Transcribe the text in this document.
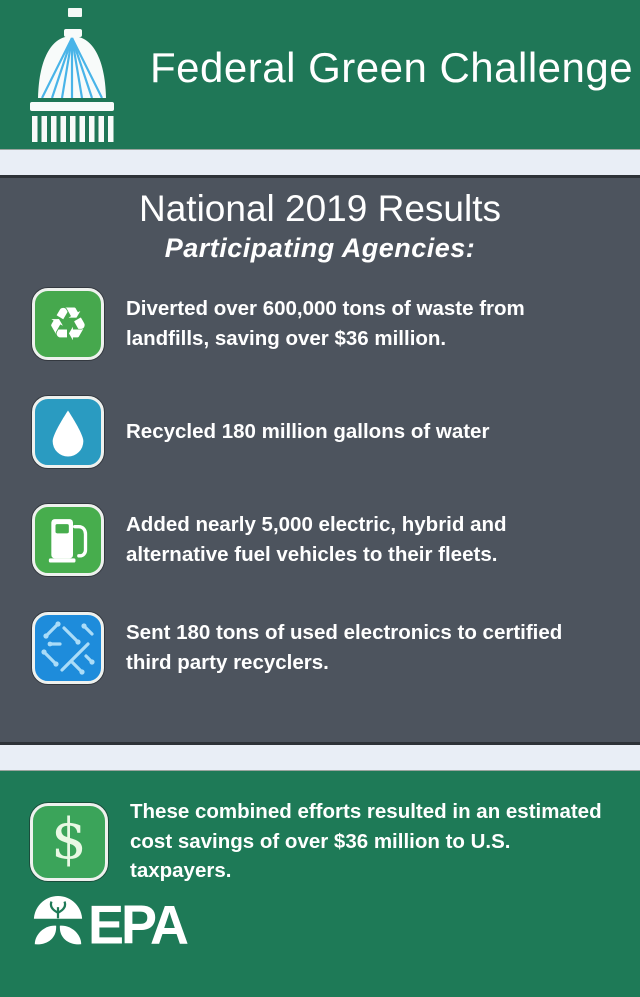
Federal Green Challenge
National 2019 Results
Participating Agencies:
♻ Diverted over 600,000 tons of waste from landfills, saving over $36 million.

Recycled 180 million gallons of water

Added nearly 5,000 electric, hybrid and alternative fuel vehicles to their fleets.

Sent 180 tons of used electronics to certified third party recyclers.

$ These combined efforts resulted in an estimated cost savings of over $36 million to U.S. taxpayers.

EPA
